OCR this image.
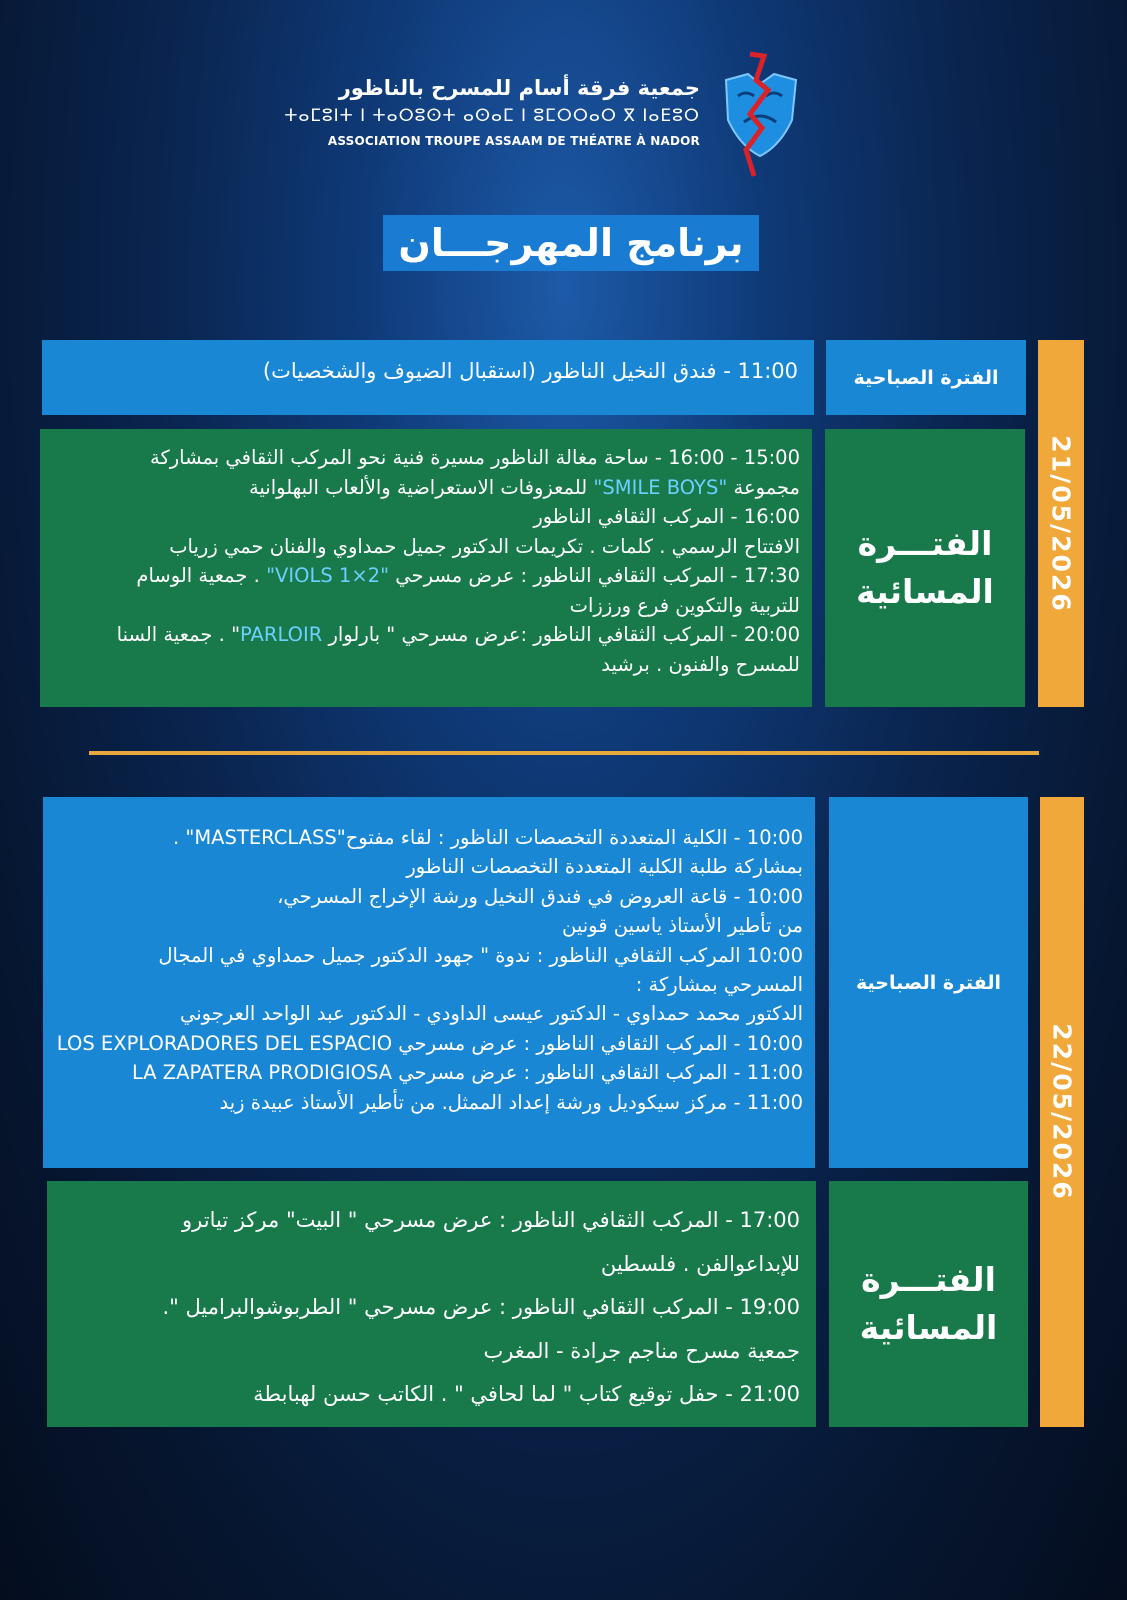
جمعية فرقة أسام للمسرح بالناظور
ⵜⴰⵎⵓⵏⵜ ⵏ ⵜⴰⵔⵓⵙⵜ ⴰⵙⴰⵎ ⵏ ⵓⵎⵔⵔⴰⵔ ⴳ ⵏⴰⴹⵓⵔ
ASSOCIATION TROUPE ASSAAM DE THÉATRE À NADOR
برنامج المهرجـــان
21/05/2026
الفترة الصباحية
11:00 - فندق النخيل الناظور (استقبال الضيوف والشخصيات)
الفتـــرة
المسائية
15:00 - 16:00 - ساحة مغالة الناظور مسيرة فنية نحو المركب الثقافي بمشاركة
مجموعة "SMILE BOYS" للمعزوفات الاستعراضية والألعاب البهلوانية
16:00 - المركب الثقافي الناظور
الافتتاح الرسمي . كلمات . تكريمات الدكتور جميل حمداوي والفنان حمي زرياب
17:30 - المركب الثقافي الناظور : عرض مسرحي "VIOLS 1×2" . جمعية الوسام
للتربية والتكوين فرع ورززات
20:00 - المركب الثقافي الناظور :عرض مسرحي " بارلوار PARLOIR" . جمعية السنا
للمسرح والفنون . برشيد
22/05/2026
الفترة الصباحية
10:00 - الكلية المتعددة التخصصات الناظور : لقاء مفتوح"MASTERCLASS" .
بمشاركة طلبة الكلية المتعددة التخصصات الناظور
10:00 - قاعة العروض في فندق النخيل ورشة الإخراج المسرحي،
من تأطير الأستاذ ياسين قونين
10:00 المركب الثقافي الناظور : ندوة " جهود الدكتور جميل حمداوي في المجال
المسرحي بمشاركة :
الدكتور محمد حمداوي - الدكتور عيسى الداودي - الدكتور عبد الواحد العرجوني
10:00 - المركب الثقافي الناظور : عرض مسرحي LOS EXPLORADORES DEL ESPACIO
11:00 - المركب الثقافي الناظور : عرض مسرحي LA ZAPATERA PRODIGIOSA
11:00 - مركز سيكوديل ورشة إعداد الممثل. من تأطير الأستاذ عبيدة زيد
الفتـــرة
المسائية
17:00 - المركب الثقافي الناظور : عرض مسرحي " البيت" مركز تياترو
للإبداعوالفن . فلسطين
19:00 - المركب الثقافي الناظور : عرض مسرحي " الطربوشوالبراميل ".
جمعية مسرح مناجم جرادة - المغرب
21:00 - حفل توقيع كتاب " لما لحافي " . الكاتب حسن لهبابطة
